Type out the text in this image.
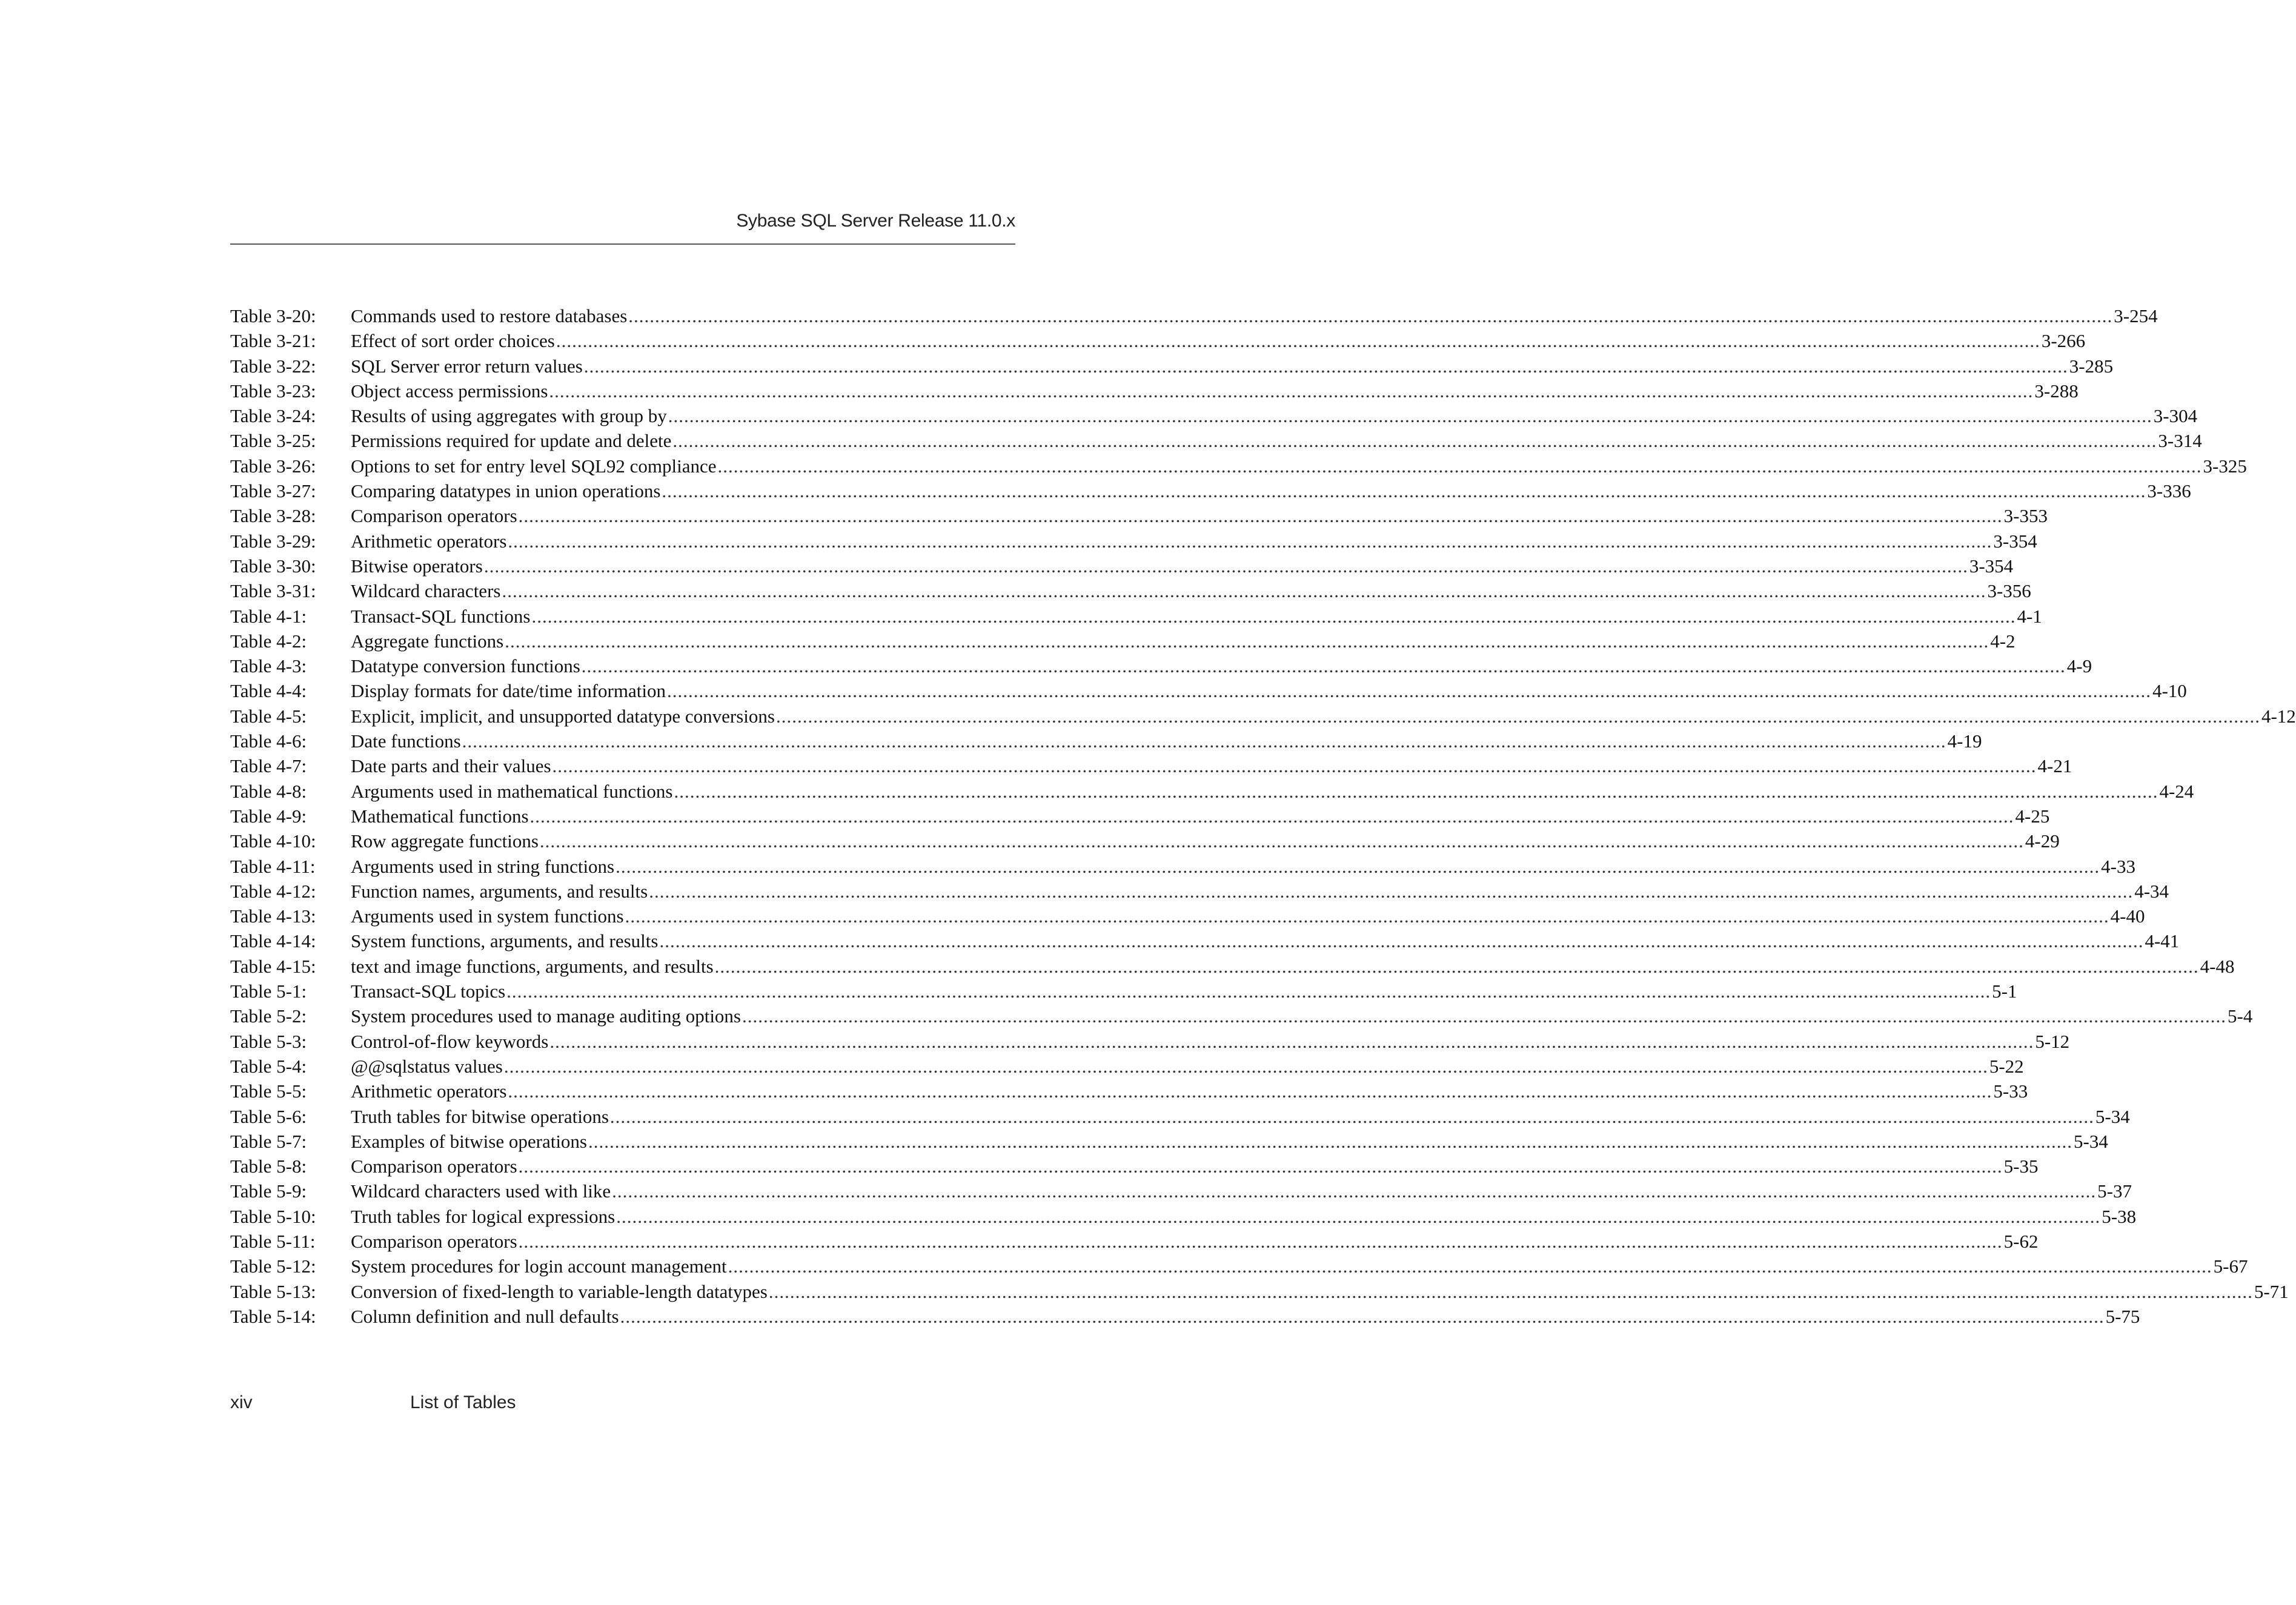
Sybase SQL Server Release 11.0.x
Table 3-20:	Commands used to restore databases .....	3-254
Table 3-21:	Effect of sort order choices .....	3-266
Table 3-22:	SQL Server error return values .....	3-285
Table 3-23:	Object access permissions .....	3-288
Table 3-24:	Results of using aggregates with group by .....	3-304
Table 3-25:	Permissions required for update and delete .....	3-314
Table 3-26:	Options to set for entry level SQL92 compliance .....	3-325
Table 3-27:	Comparing datatypes in union operations .....	3-336
Table 3-28:	Comparison operators .....	3-353
Table 3-29:	Arithmetic operators .....	3-354
Table 3-30:	Bitwise operators .....	3-354
Table 3-31:	Wildcard characters .....	3-356
Table 4-1:	Transact-SQL functions .....	4-1
Table 4-2:	Aggregate functions .....	4-2
Table 4-3:	Datatype conversion functions .....	4-9
Table 4-4:	Display formats for date/time information .....	4-10
Table 4-5:	Explicit, implicit, and unsupported datatype conversions .....	4-12
Table 4-6:	Date functions .....	4-19
Table 4-7:	Date parts and their values .....	4-21
Table 4-8:	Arguments used in mathematical functions .....	4-24
Table 4-9:	Mathematical functions .....	4-25
Table 4-10:	Row aggregate functions .....	4-29
Table 4-11:	Arguments used in string functions .....	4-33
Table 4-12:	Function names, arguments, and results .....	4-34
Table 4-13:	Arguments used in system functions .....	4-40
Table 4-14:	System functions, arguments, and results .....	4-41
Table 4-15:	text and image functions, arguments, and results .....	4-48
Table 5-1:	Transact-SQL topics .....	5-1
Table 5-2:	System procedures used to manage auditing options .....	5-4
Table 5-3:	Control-of-flow keywords .....	5-12
Table 5-4:	@@sqlstatus values .....	5-22
Table 5-5:	Arithmetic operators .....	5-33
Table 5-6:	Truth tables for bitwise operations .....	5-34
Table 5-7:	Examples of bitwise operations .....	5-34
Table 5-8:	Comparison operators .....	5-35
Table 5-9:	Wildcard characters used with like .....	5-37
Table 5-10:	Truth tables for logical expressions .....	5-38
Table 5-11:	Comparison operators .....	5-62
Table 5-12:	System procedures for login account management .....	5-67
Table 5-13:	Conversion of fixed-length to variable-length datatypes .....	5-71
Table 5-14:	Column definition and null defaults .....	5-75
xiv	List of Tables
